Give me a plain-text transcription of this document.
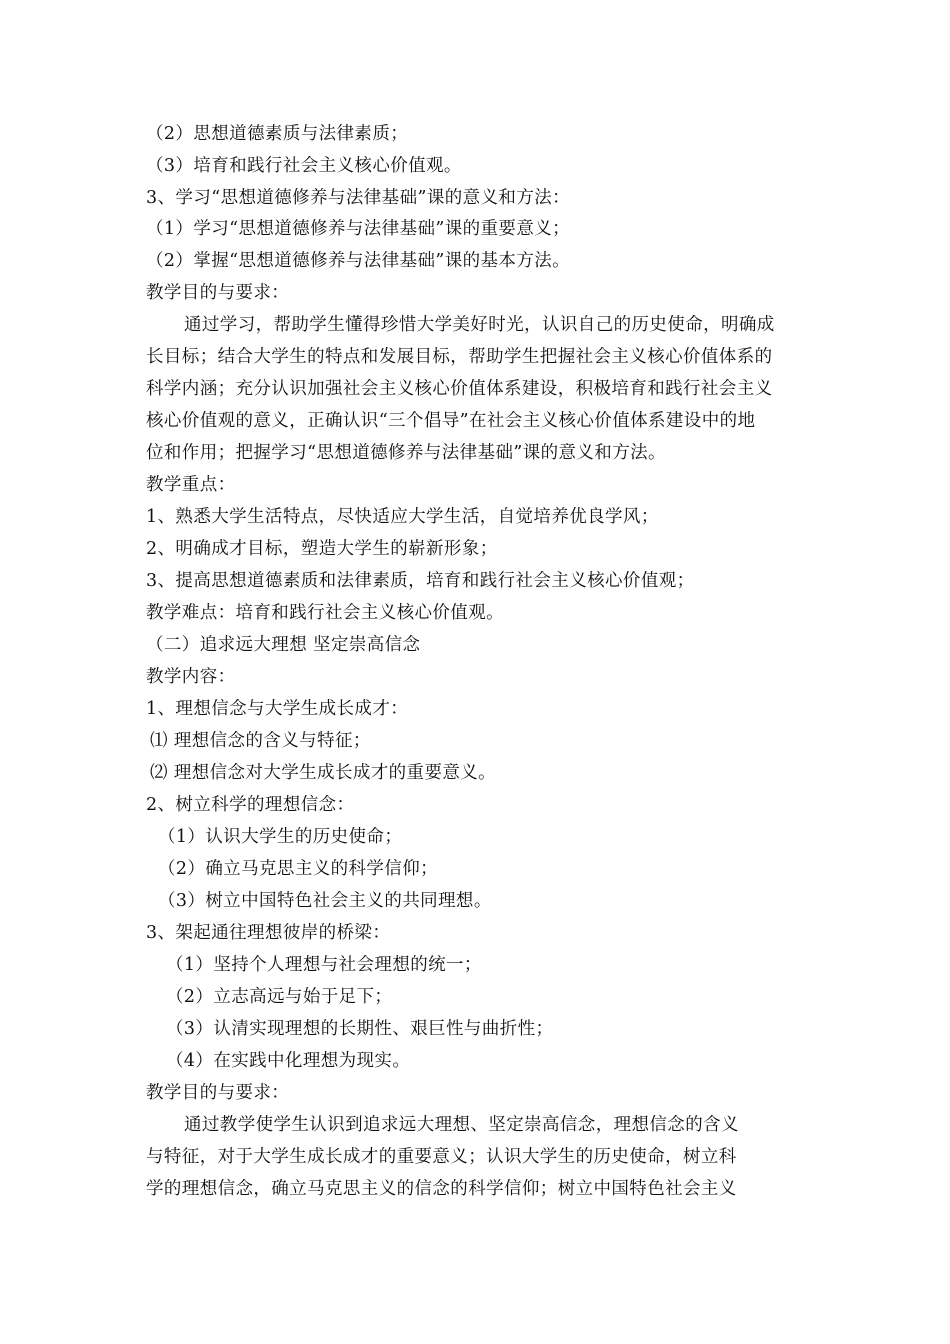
（2）思想道德素质与法律素质；
（3）培育和践行社会主义核心价值观。
3、学习“思想道德修养与法律基础”课的意义和方法：
（1）学习“思想道德修养与法律基础”课的重要意义；
（2）掌握“思想道德修养与法律基础”课的基本方法。
教学目的与要求：
通过学习，帮助学生懂得珍惜大学美好时光，认识自己的历史使命，明确成
长目标；结合大学生的特点和发展目标，帮助学生把握社会主义核心价值体系的
科学内涵；充分认识加强社会主义核心价值体系建设，积极培育和践行社会主义
核心价值观的意义，正确认识“三个倡导”在社会主义核心价值体系建设中的地
位和作用；把握学习“思想道德修养与法律基础”课的意义和方法。
教学重点：
1、熟悉大学生活特点，尽快适应大学生活，自觉培养优良学风；
2、明确成才目标，塑造大学生的崭新形象；
3、提高思想道德素质和法律素质，培育和践行社会主义核心价值观；
教学难点：培育和践行社会主义核心价值观。
（二）追求远大理想 坚定崇高信念
教学内容：
1、理想信念与大学生成长成才：
⑴ 理想信念的含义与特征；
⑵ 理想信念对大学生成长成才的重要意义。
2、树立科学的理想信念：
（1）认识大学生的历史使命；
（2）确立马克思主义的科学信仰；
（3）树立中国特色社会主义的共同理想。
3、架起通往理想彼岸的桥梁：
（1）坚持个人理想与社会理想的统一；
（2）立志高远与始于足下；
（3）认清实现理想的长期性、艰巨性与曲折性；
（4）在实践中化理想为现实。
教学目的与要求：
通过教学使学生认识到追求远大理想、坚定崇高信念，理想信念的含义
与特征，对于大学生成长成才的重要意义；认识大学生的历史使命，树立科
学的理想信念，确立马克思主义的信念的科学信仰；树立中国特色社会主义
